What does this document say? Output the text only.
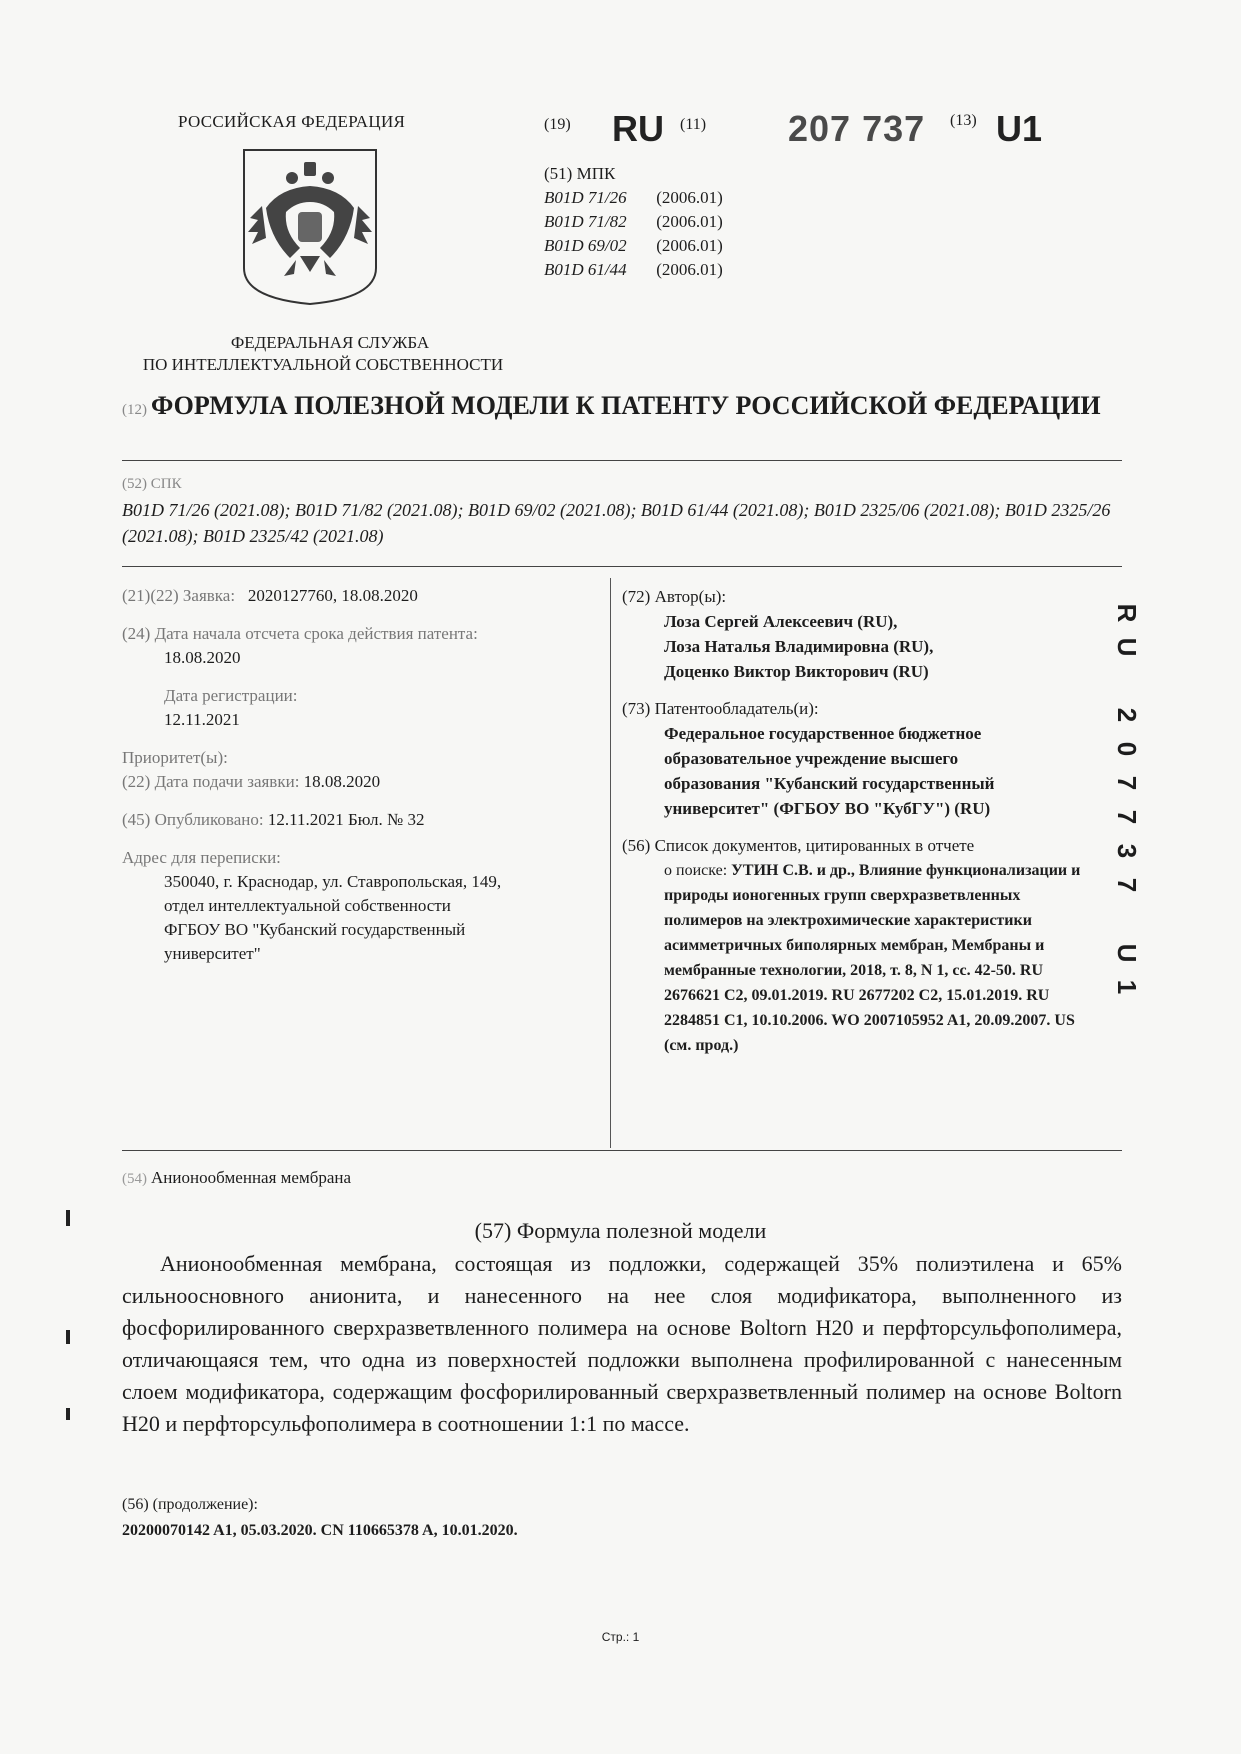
РОССИЙСКАЯ ФЕДЕРАЦИЯ
ФЕДЕРАЛЬНАЯ СЛУЖБА
ПО ИНТЕЛЛЕКТУАЛЬНОЙ СОБСТВЕННОСТИ
(19) RU (11) 207 737 (13) U1
(51) МПК
B01D 71/26 (2006.01)
B01D 71/82 (2006.01)
B01D 69/02 (2006.01)
B01D 61/44 (2006.01)
(12) ФОРМУЛА ПОЛЕЗНОЙ МОДЕЛИ К ПАТЕНТУ РОССИЙСКОЙ ФЕДЕРАЦИИ
(52) СПК
B01D 71/26 (2021.08); B01D 71/82 (2021.08); B01D 69/02 (2021.08); B01D 61/44 (2021.08); B01D 2325/06 (2021.08); B01D 2325/26 (2021.08); B01D 2325/42 (2021.08)
(21)(22) Заявка: 2020127760, 18.08.2020
(24) Дата начала отсчета срока действия патента:
18.08.2020
Дата регистрации:
12.11.2021
Приоритет(ы):
(22) Дата подачи заявки: 18.08.2020
(45) Опубликовано: 12.11.2021 Бюл. № 32
Адрес для переписки:
350040, г. Краснодар, ул. Ставропольская, 149,
отдел интеллектуальной собственности
ФГБОУ ВО "Кубанский государственный
университет"
(72) Автор(ы):
Лоза Сергей Алексеевич (RU),
Лоза Наталья Владимировна (RU),
Доценко Виктор Викторович (RU)
(73) Патентообладатель(и):
Федеральное государственное бюджетное
образовательное учреждение высшего
образования "Кубанский государственный
университет" (ФГБОУ ВО "КубГУ") (RU)
(56) Список документов, цитированных в отчете
о поиске: УТИН С.В. и др., Влияние функционализации и природы ионогенных групп сверхразветвленных полимеров на электрохимические характеристики асимметричных биполярных мембран, Мембраны и мембранные технологии, 2018, т. 8, N 1, сс. 42-50. RU 2676621 C2, 09.01.2019. RU 2677202 C2, 15.01.2019. RU 2284851 C1, 10.10.2006. WO 2007105952 A1, 20.09.2007. US (см. прод.)
R
U

2
0
7
7
3
7

U
1
(54) Анионообменная мембрана
(57) Формула полезной модели
Анионообменная мембрана, состоящая из подложки, содержащей 35% полиэтилена и 65% сильноосновного анионита, и нанесенного на нее слоя модификатора, выполненного из фосфорилированного сверхразветвленного полимера на основе Boltorn H20 и перфторсульфополимера, отличающаяся тем, что одна из поверхностей подложки выполнена профилированной с нанесенным слоем модификатора, содержащим фосфорилированный сверхразветвленный полимер на основе Boltorn H20 и перфторсульфополимера в соотношении 1:1 по массе.
(56) (продолжение):
20200070142 A1, 05.03.2020. CN 110665378 A, 10.01.2020.
Стр.: 1
